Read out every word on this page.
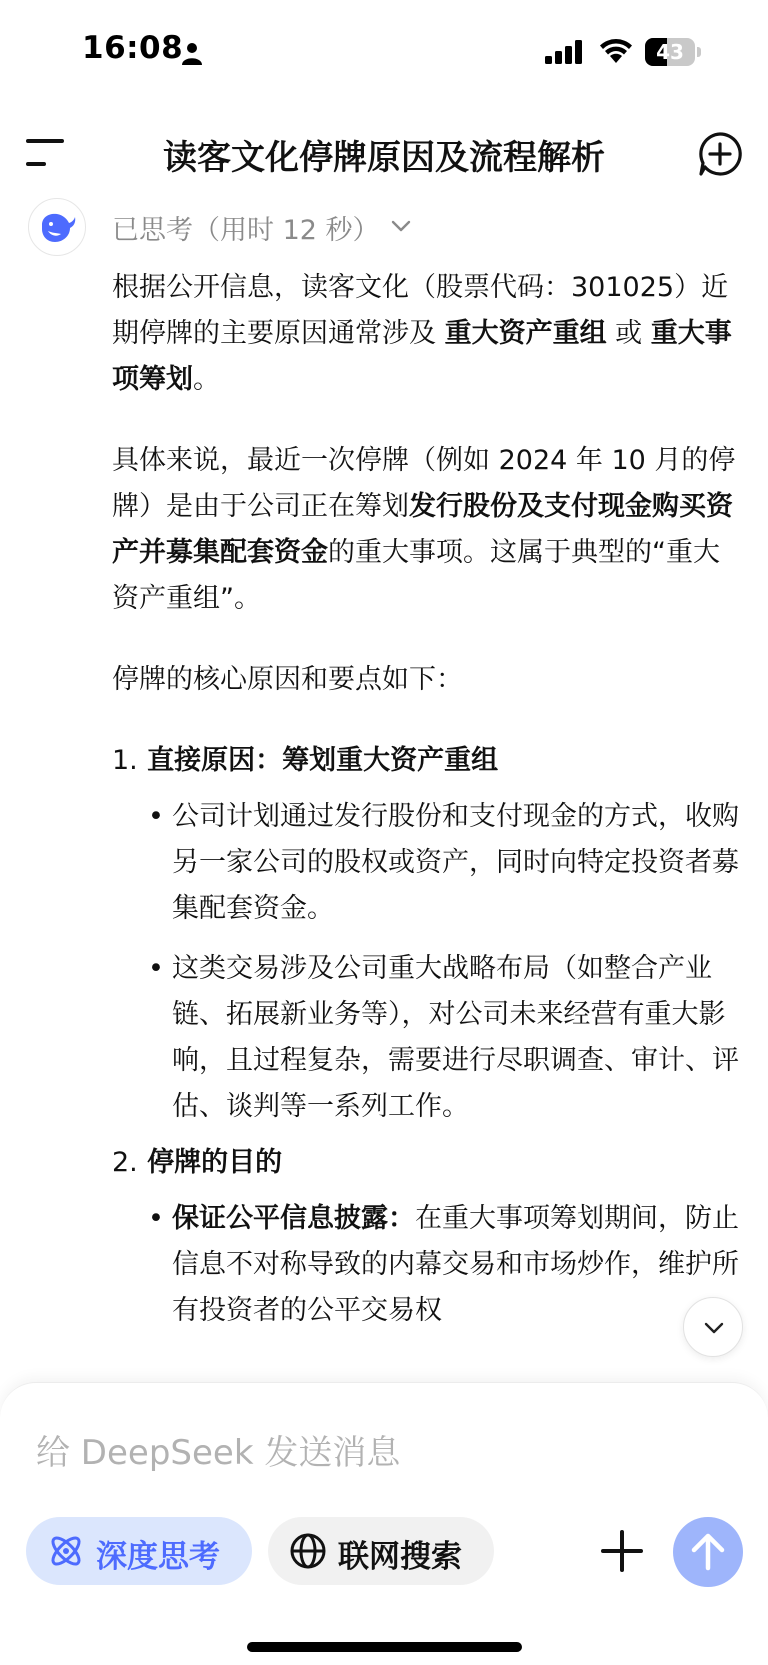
16:08	43
读客文化停牌原因及流程解析
已思考（用时 12 秒）

根据公开信息，读客文化（股票代码：301025）近期停牌的主要原因通常涉及 重大资产重组 或 重大事项筹划。

具体来说，最近一次停牌（例如 2024 年 10 月的停牌）是由于公司正在筹划发行股份及支付现金购买资产并募集配套资金的重大事项。这属于典型的“重大资产重组”。

停牌的核心原因和要点如下：

1. 直接原因：筹划重大资产重组

• 公司计划通过发行股份和支付现金的方式，收购另一家公司的股权或资产，同时向特定投资者募集配套资金。

• 这类交易涉及公司重大战略布局（如整合产业链、拓展新业务等），对公司未来经营有重大影响，且过程复杂，需要进行尽职调查、审计、评估、谈判等一系列工作。

2. 停牌的目的

• 保证公平信息披露：在重大事项筹划期间，防止信息不对称导致的内幕交易和市场炒作，维护所有投资者的公平交易权

给 DeepSeek 发送消息
深度思考	联网搜索
